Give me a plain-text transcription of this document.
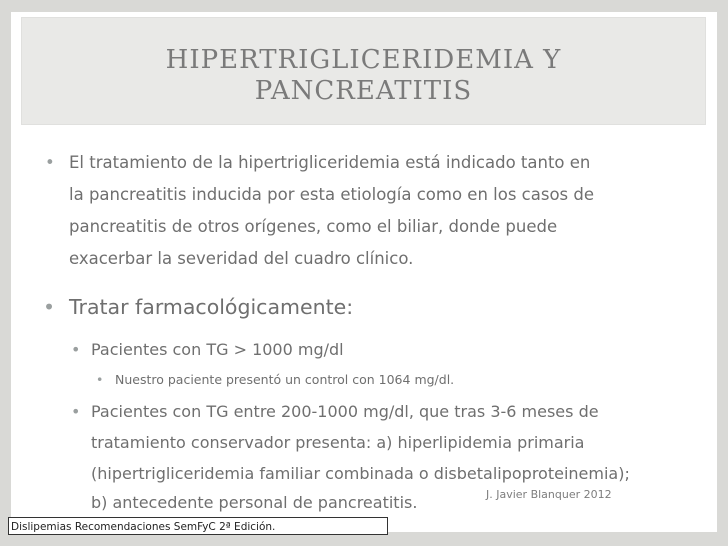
HIPERTRIGLICERIDEMIA Y
PANCREATITIS
• El tratamiento de la hipertrigliceridemia está indicado tanto en
la pancreatitis inducida por esta etiología como en los casos de
pancreatitis de otros orígenes, como el biliar, donde puede
exacerbar la severidad del cuadro clínico.
• Tratar farmacológicamente:
• Pacientes con TG > 1000 mg/dl
• Nuestro paciente presentó un control con 1064 mg/dl.
• Pacientes con TG entre 200-1000 mg/dl, que tras 3-6 meses de
tratamiento conservador presenta: a) hiperlipidemia primaria
(hipertrigliceridemia familiar combinada o disbetalipoproteinemia);
b) antecedente personal de pancreatitis.	J. Javier Blanquer 2012
Dislipemias Recomendaciones SemFyC 2ª Edición.
